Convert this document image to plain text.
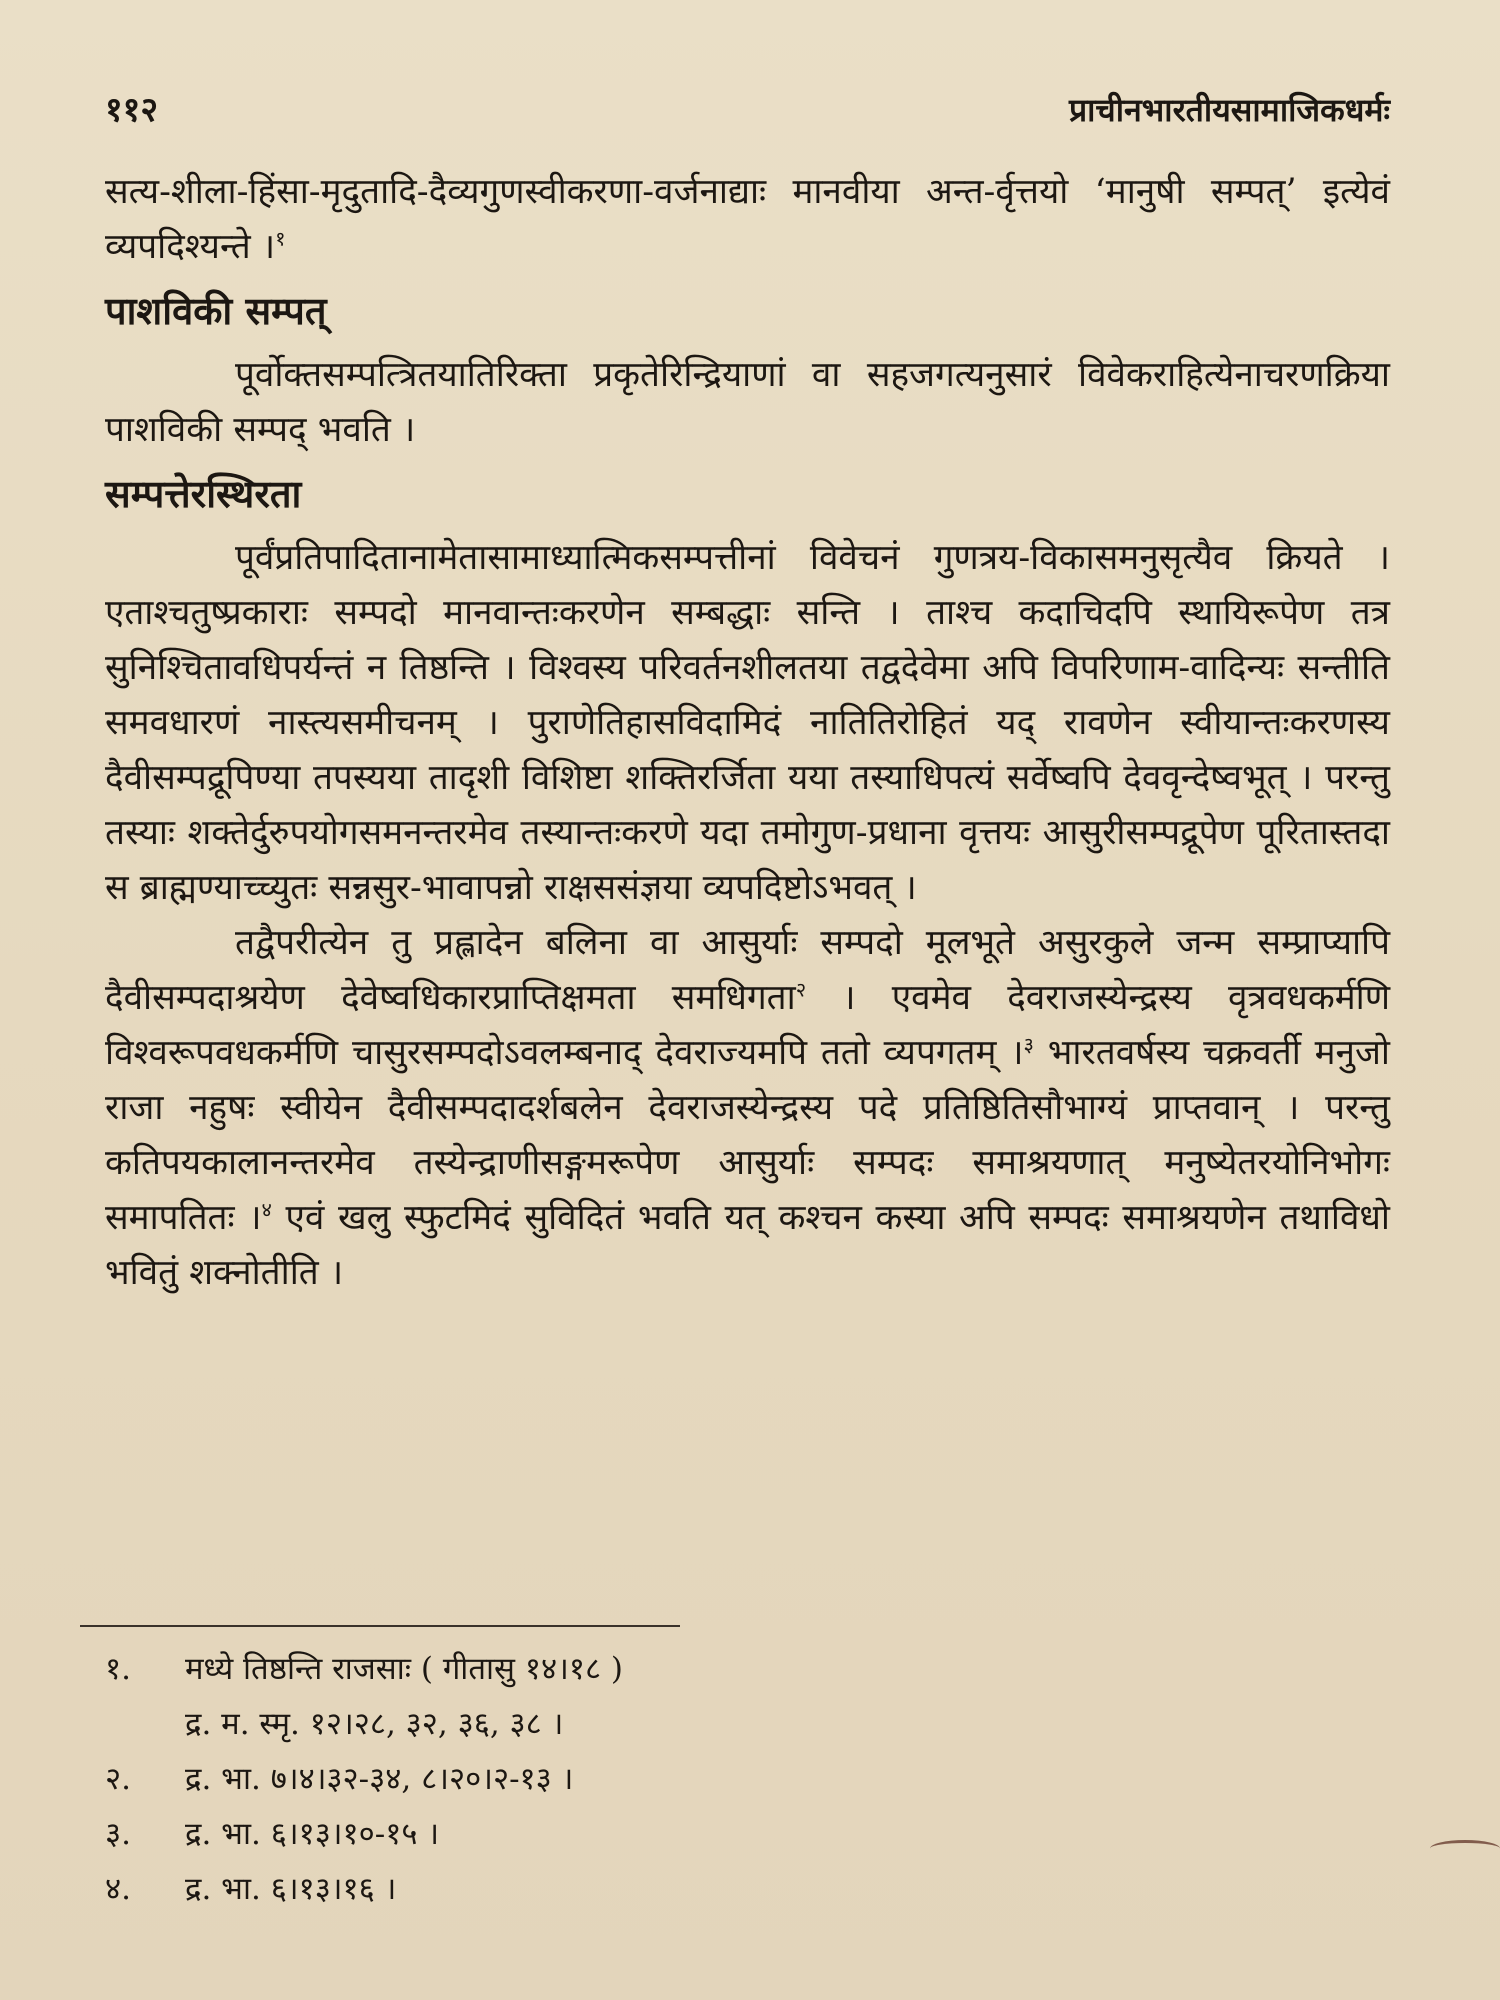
११२	प्राचीनभारतीयसामाजिकधर्मः

सत्य-शीला-हिंसा-मृदुतादि-दैव्यगुणस्वीकरणा-वर्जनाद्याः मानवीया अन्त-र्वृत्तयो ‘मानुषी सम्पत्’ इत्येवं व्यपदिश्यन्ते ।$^१$

पाशविकी सम्पत्

पूर्वोक्तसम्पत्त्रितयातिरिक्ता प्रकृतेरिन्द्रियाणां वा सहजगत्यनुसारं विवेकराहित्येनाचरणक्रिया पाशविकी सम्पद् भवति ।

सम्पत्तेरस्थिरता

पूर्वंप्रतिपादितानामेतासामाध्यात्मिकसम्पत्तीनां विवेचनं गुणत्रय-विकासमनुसृत्यैव क्रियते । एताश्चतुष्प्रकाराः सम्पदो मानवान्तःकरणेन सम्बद्धाः सन्ति । ताश्च कदाचिदपि स्थायिरूपेण तत्र सुनिश्चितावधिपर्यन्तं न तिष्ठन्ति । विश्वस्य परिवर्तनशीलतया तद्वदेवेमा अपि विपरिणाम-वादिन्यः सन्तीति समवधारणं नास्त्यसमीचनम् । पुराणेतिहासविदामिदं नातितिरोहितं यद् रावणेन स्वीयान्तःकरणस्य दैवीसम्पद्रूपिण्या तपस्यया तादृशी विशिष्टा शक्तिरर्जिता यया तस्याधिपत्यं सर्वेष्वपि देववृन्देष्वभूत् । परन्तु तस्याः शक्तेर्दुरुपयोगसमनन्तरमेव तस्यान्तःकरणे यदा तमोगुण-प्रधाना वृत्तयः आसुरीसम्पद्रूपेण पूरितास्तदा स ब्राह्मण्याच्च्युतः सन्नसुर-भावापन्नो राक्षससंज्ञया व्यपदिष्टोऽभवत् ।

तद्वैपरीत्येन तु प्रह्लादेन बलिना वा आसुर्याः सम्पदो मूलभूते असुरकुले जन्म सम्प्राप्यापि दैवीसम्पदाश्रयेण देवेष्वधिकारप्राप्तिक्षमता समधिगता$^२$ । एवमेव देवराजस्येन्द्रस्य वृत्रवधकर्मणि विश्वरूपवधकर्मणि चासुरसम्पदोऽवलम्बनाद् देवराज्यमपि ततो व्यपगतम् ।$^३$ भारतवर्षस्य चक्रवर्ती मनुजो राजा नहुषः स्वीयेन दैवीसम्पदादर्शबलेन देवराजस्येन्द्रस्य पदे प्रतिष्ठितिसौभाग्यं प्राप्तवान् । परन्तु कतिपयकालानन्तरमेव तस्येन्द्राणीसङ्गमरूपेण आसुर्याः सम्पदः समाश्रयणात् मनुष्येतरयोनिभोगः समापतितः ।$^४$ एवं खलु स्फुटमिदं सुविदितं भवति यत् कश्चन कस्या अपि सम्पदः समाश्रयणेन तथाविधो भवितुं शक्नोतीति ।

१.	मध्ये तिष्ठन्ति राजसाः ( गीतासु १४।१८ )
द्र. म. स्मृ. १२।२८, ३२, ३६, ३८ ।
२.	द्र. भा. ७।४।३२-३४, ८।२०।२-१३ ।
३.	द्र. भा. ६।१३।१०-१५ ।
४.	द्र. भा. ६।१३।१६ ।
